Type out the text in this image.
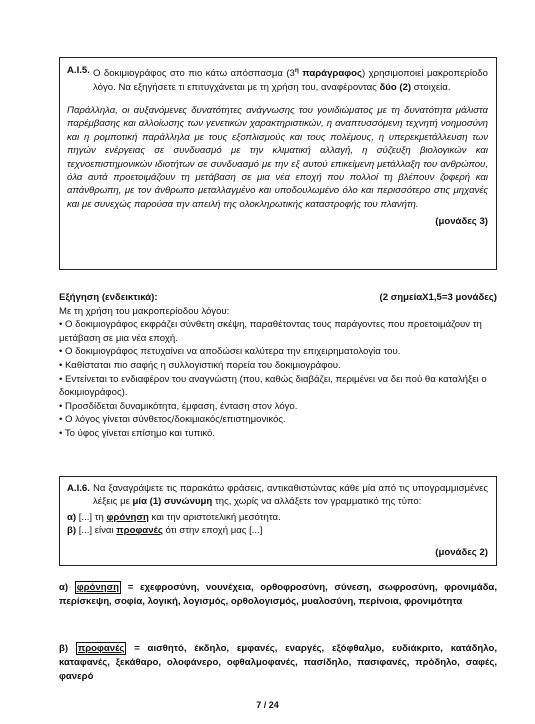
Α.Ι.5. Ο δοκιμιογράφος στο πιο κάτω απόσπασμα ($3^\eta$ παράγραφος) χρησιμοποιεί μακροπερίοδο λόγο. Να εξηγήσετε τι επιτυγχάνεται με τη χρήση του, αναφέροντας δύο (2) στοιχεία.
Παράλληλα, οι αυξανόμενες δυνατότητες ανάγνωσης του γονιδιώματος με τη δυνατότητα μάλιστα παρέμβασης και αλλοίωσης των γενετικών χαρακτηριστικών, η αναπτυσσόμενη τεχνητή νοημοσύνη και η ρομποτική παράλληλα με τους εξοπλισμούς και τους πολέμους, η υπερεκμετάλλευση των πηγών ενέργειας σε συνδυασμό με την κλιματική αλλαγή, η σύζευξη βιολογικών και τεχνοεπιστημονικών ιδιοτήτων σε συνδυασμό με την εξ αυτού επικείμενη μετάλλαξη του ανθρώπου, όλα αυτά προετοιμάζουν τη μετάβαση σε μια νέα εποχή που πολλοί τη βλέπουν ζοφερή και απάνθρωπη, με τον άνθρωπο μεταλλαγμένο και υποδουλωμένο όλο και περισσότερο στις μηχανές και με συνεχώς παρούσα την απειλή της ολοκληρωτικής καταστροφής του πλανήτη.
(μονάδες 3)
Εξήγηση (ενδεικτικά):	(2 σημείαΧ1,5=3 μονάδες)
Με τη χρήση του μακροπερίοδου λόγου:
• Ο δοκιμιογράφος εκφράζει σύνθετη σκέψη, παραθέτοντας τους παράγοντες που προετοιμάζουν τη μετάβαση σε μια νέα εποχή.
• Ο δοκιμιογράφος πετυχαίνει να αποδώσει καλύτερα την επιχειρηματολογία του.
• Καθίσταται πιο σαφής η συλλογιστική πορεία του δοκιμιογράφου.
• Εντείνεται το ενδιαφέρον του αναγνώστη (που, καθώς διαβάζει, περιμένει να δει πού θα καταλήξει ο δοκιμιογράφος).
• Προσδίδεται δυναμικότητα, έμφαση, ένταση στον λόγο.
• Ο λόγος γίνεται σύνθετος/δοκιμιακός/επιστημονικός.
• Το ύφος γίνεται επίσημο και τυπικό.
Α.Ι.6. Να ξαναγράψετε τις παρακάτω φράσεις, αντικαθιστώντας κάθε μία από τις υπογραμμισμένες λέξεις με μία (1) συνώνυμη της, χωρίς να αλλάξετε τον γραμματικό της τύπο:
α) [...] τη φρόνηση και την αριστοτελική μεσότητα.
β) [...] είναι προφανές ότι στην εποχή μας [...]
(μονάδες 2)
α) φρόνηση = εχεφροσύνη, νουνέχεια, ορθοφροσύνη, σύνεση, σωφροσύνη, φρονιμάδα, περίσκεψη, σοφία, λογική, λογισμός, ορθολογισμός, μυαλοσύνη, περίνοια, φρονιμότητα
β) προφανές = αισθητό, έκδηλο, εμφανές, εναργές, εξόφθαλμο, ευδιάκριτο, κατάδηλο, καταφανές, ξεκάθαρο, ολοφάνερο, οφθαλμοφανές, πασίδηλο, πασιφανές, πρόδηλο, σαφές, φανερό
7 / 24
